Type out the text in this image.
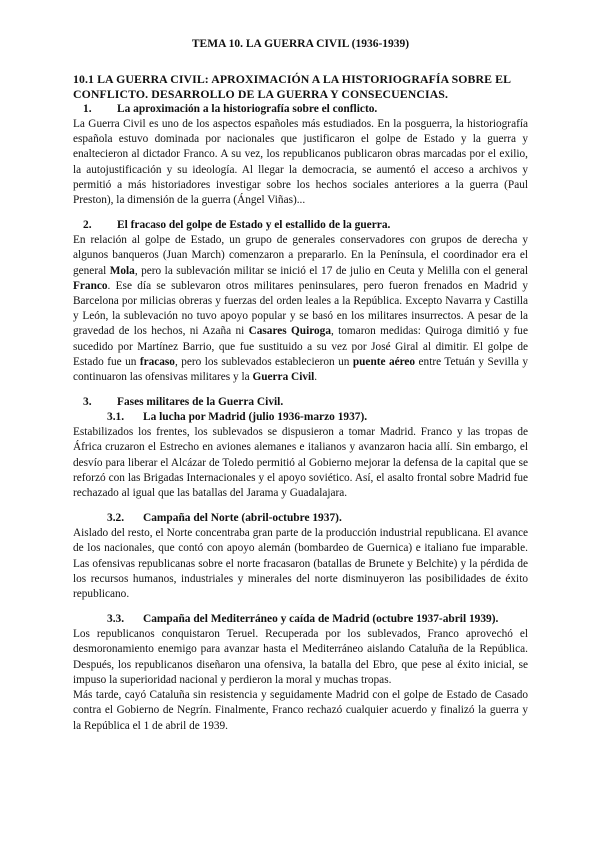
TEMA 10. LA GUERRA CIVIL (1936-1939)

10.1 LA GUERRA CIVIL: APROXIMACIÓN A LA HISTORIOGRAFÍA SOBRE EL CONFLICTO. DESARROLLO DE LA GUERRA Y CONSECUENCIAS.

1.	La aproximación a la historiografía sobre el conflicto.

La Guerra Civil es uno de los aspectos españoles más estudiados. En la posguerra, la historiografía española estuvo dominada por nacionales que justificaron el golpe de Estado y la guerra y enaltecieron al dictador Franco. A su vez, los republicanos publicaron obras marcadas por el exilio, la autojustificación y su ideología. Al llegar la democracia, se aumentó el acceso a archivos y permitió a más historiadores investigar sobre los hechos sociales anteriores a la guerra (Paul Preston), la dimensión de la guerra (Ángel Viñas)...

2.	El fracaso del golpe de Estado y el estallido de la guerra.

En relación al golpe de Estado, un grupo de generales conservadores con grupos de derecha y algunos banqueros (Juan March) comenzaron a prepararlo. En la Península, el coordinador era el general Mola, pero la sublevación militar se inició el 17 de julio en Ceuta y Melilla con el general Franco. Ese día se sublevaron otros militares peninsulares, pero fueron frenados en Madrid y Barcelona por milicias obreras y fuerzas del orden leales a la República. Excepto Navarra y Castilla y León, la sublevación no tuvo apoyo popular y se basó en los militares insurrectos. A pesar de la gravedad de los hechos, ni Azaña ni Casares Quiroga, tomaron medidas: Quiroga dimitió y fue sucedido por Martínez Barrio, que fue sustituido a su vez por José Giral al dimitir. El golpe de Estado fue un fracaso, pero los sublevados establecieron un puente aéreo entre Tetuán y Sevilla y continuaron las ofensivas militares y la Guerra Civil.

3.	Fases militares de la Guerra Civil.
3.1.	La lucha por Madrid (julio 1936-marzo 1937).

Estabilizados los frentes, los sublevados se dispusieron a tomar Madrid. Franco y las tropas de África cruzaron el Estrecho en aviones alemanes e italianos y avanzaron hacia allí. Sin embargo, el desvío para liberar el Alcázar de Toledo permitió al Gobierno mejorar la defensa de la capital que se reforzó con las Brigadas Internacionales y el apoyo soviético. Así, el asalto frontal sobre Madrid fue rechazado al igual que las batallas del Jarama y Guadalajara.

3.2.	Campaña del Norte (abril-octubre 1937).

Aislado del resto, el Norte concentraba gran parte de la producción industrial republicana. El avance de los nacionales, que contó con apoyo alemán (bombardeo de Guernica) e italiano fue imparable. Las ofensivas republicanas sobre el norte fracasaron (batallas de Brunete y Belchite) y la pérdida de los recursos humanos, industriales y minerales del norte disminuyeron las posibilidades de éxito republicano.

3.3.	Campaña del Mediterráneo y caída de Madrid (octubre 1937-abril 1939).

Los republicanos conquistaron Teruel. Recuperada por los sublevados, Franco aprovechó el desmoronamiento enemigo para avanzar hasta el Mediterráneo aislando Cataluña de la República. Después, los republicanos diseñaron una ofensiva, la batalla del Ebro, que pese al éxito inicial, se impuso la superioridad nacional y perdieron la moral y muchas tropas.

Más tarde, cayó Cataluña sin resistencia y seguidamente Madrid con el golpe de Estado de Casado contra el Gobierno de Negrín. Finalmente, Franco rechazó cualquier acuerdo y finalizó la guerra y la República el 1 de abril de 1939.
